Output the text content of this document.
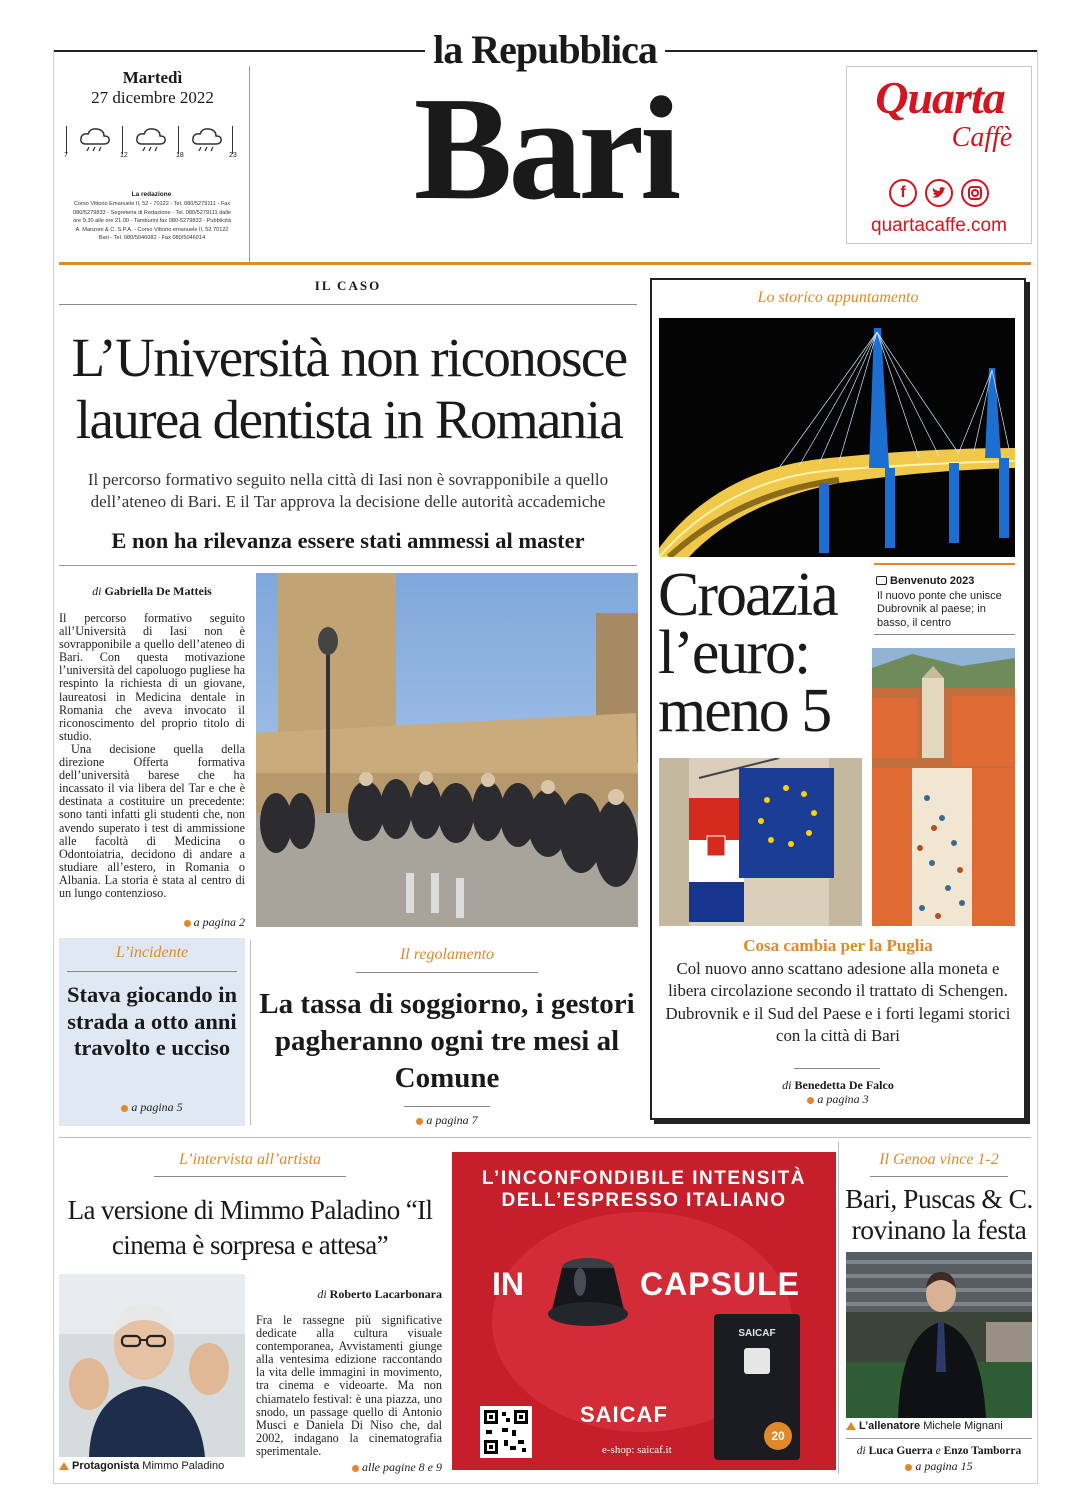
la Repubblica
Bari
Martedì
27 dicembre 2022
7	12	18	23
La redazione
Corso Vittorio Emanuele II, 52 - 70122 - Tel. 080/5279111 - Fax 080/5279833 - Segreteria di Redazione - Tel. 080/5279111 dalle ore 9.30 alle ore 21.00 - Tamburini fax 080-5279833 - Pubblicità A. Manzoni & C. S.P.A. - Corso Vittorio emanuele II, 52 70122 Bari - Tel. 080/5046082 - Fax 080/5046014
Quarta
Caffè
f
quartacaffe.com
IL CASO
L’Università non riconosce laurea dentista in Romania
Il percorso formativo seguito nella città di Iasi non è sovrapponibile a quello dell’ateneo di Bari. E il Tar approva la decisione delle autorità accademiche
E non ha rilevanza essere stati ammessi al master
di Gabriella De Matteis

Il percorso formativo seguito all’Università di Iasi non è sovrapponibile a quello dell’ateneo di Bari. Con questa motivazione l’università del capoluogo pugliese ha respinto la richiesta di un giovane, laureatosi in Medicina dentale in Romania che aveva invocato il riconoscimento del proprio titolo di studio.

Una decisione quella della direzione Offerta formativa dell’università barese che ha incassato il via libera del Tar e che è destinata a costituire un precedente: sono tanti infatti gli studenti che, non avendo superato i test di ammissione alle facoltà di Medicina o Odontoiatria, decidono di andare a studiare all’estero, in Romania o Albania. La storia è stata al centro di un lungo contenzioso.

a pagina 2
L’incidente
Stava giocando in strada a otto anni travolto e ucciso
a pagina 5
Il regolamento
La tassa di soggiorno, i gestori pagheranno ogni tre mesi al Comune
a pagina 7
Lo storico appuntamento
Croazia l’euro: meno 5
Benvenuto 2023
Il nuovo ponte che unisce Dubrovnik al paese; in basso, il centro
Cosa cambia per la Puglia
Col nuovo anno scattano adesione alla moneta e libera circolazione secondo il trattato di Schengen. Dubrovnik e il Sud del Paese e i forti legami storici con la città di Bari
di Benedetta De Falco
a pagina 3
L’intervista all’artista
La versione di Mimmo Paladino “Il cinema è sorpresa e attesa”
Protagonista Mimmo Paladino
di Roberto Lacarbonara
Fra le rassegne più significative dedicate alla cultura visuale contemporanea, Avvistamenti giunge alla ventesima edizione raccontando la vita delle immagini in movimento, tra cinema e videoarte. Ma non chiamatelo festival: è una piazza, uno snodo, un passage quello di Antonio Musci e Daniela Di Niso che, dal 2002, indagano la cinematografia sperimentale.
alle pagine 8 e 9
L’INCONFONDIBILE INTENSITÀ
DELL’ESPRESSO ITALIANO
IN	CAPSULE
SAICAF
SAICAF
20
e-shop: saicaf.it
Il Genoa vince 1-2
Bari, Puscas & C. rovinano la festa
L’allenatore Michele Mignani
di Luca Guerra e Enzo Tamborra
a pagina 15
